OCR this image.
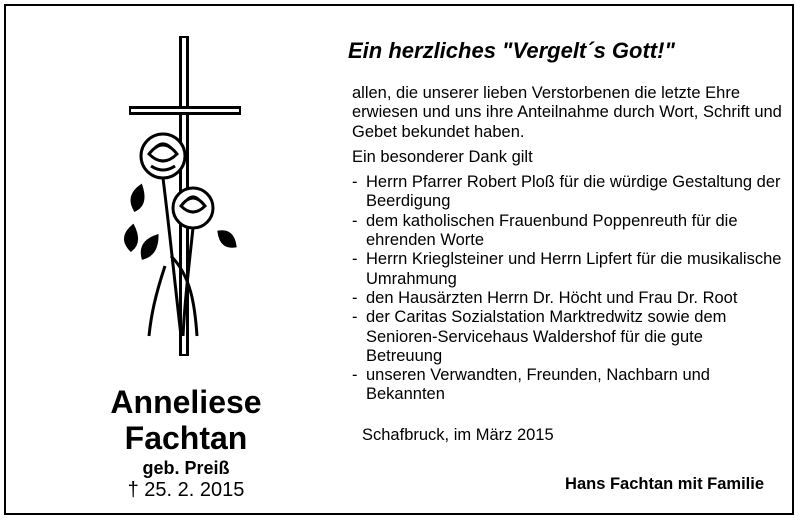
Anneliese
Fachtan
geb. Preiß
† 25. 2. 2015
Ein herzliches "Vergelt´s Gott!"

allen, die unserer lieben Verstorbenen die letzte Ehre erwiesen und uns ihre Anteilnahme durch Wort, Schrift und Gebet bekundet haben.

Ein besonderer Dank gilt

- Herrn Pfarrer Robert Ploß für die würdige Gestaltung der Beerdigung
- dem katholischen Frauenbund Poppenreuth für die ehrenden Worte
- Herrn Krieglsteiner und Herrn Lipfert für die musikalische Umrahmung
- den Hausärzten Herrn Dr. Höcht und Frau Dr. Root
- der Caritas Sozialstation Marktredwitz sowie dem Senioren-Servicehaus Waldershof für die gute Betreuung
- unseren Verwandten, Freunden, Nachbarn und Bekannten
Schafbruck, im März 2015
Hans Fachtan mit Familie
